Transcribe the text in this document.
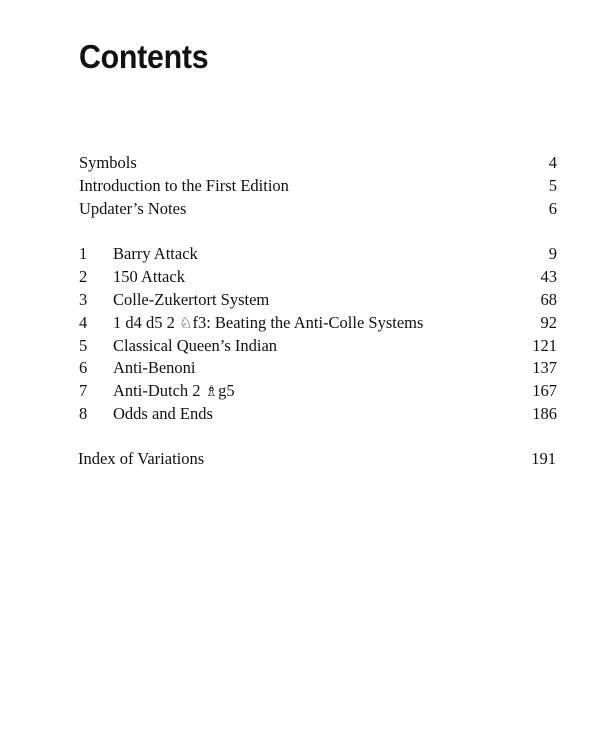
Contents
Symbols	4
Introduction to the First Edition	5
Updater’s Notes	6
1 Barry Attack	9
2 150 Attack	43
3 Colle-Zukertort System	68
4 1 d4 d5 2 ♘f3: Beating the Anti-Colle Systems	92
5 Classical Queen’s Indian	121
6 Anti-Benoni	137
7 Anti-Dutch 2 ♗g5	167
8 Odds and Ends	186
Index of Variations	191
